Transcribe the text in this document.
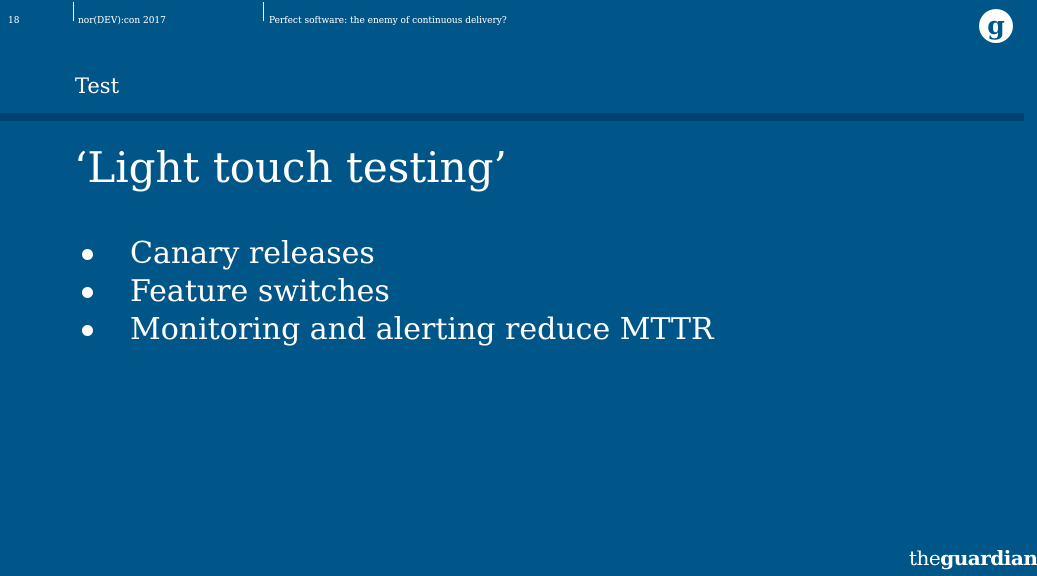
18	nor(DEV):con 2017	Perfect software: the enemy of continuous delivery?	g
Test
‘Light touch testing’
Canary releases
Feature switches
Monitoring and alerting reduce MTTR
theguardian
